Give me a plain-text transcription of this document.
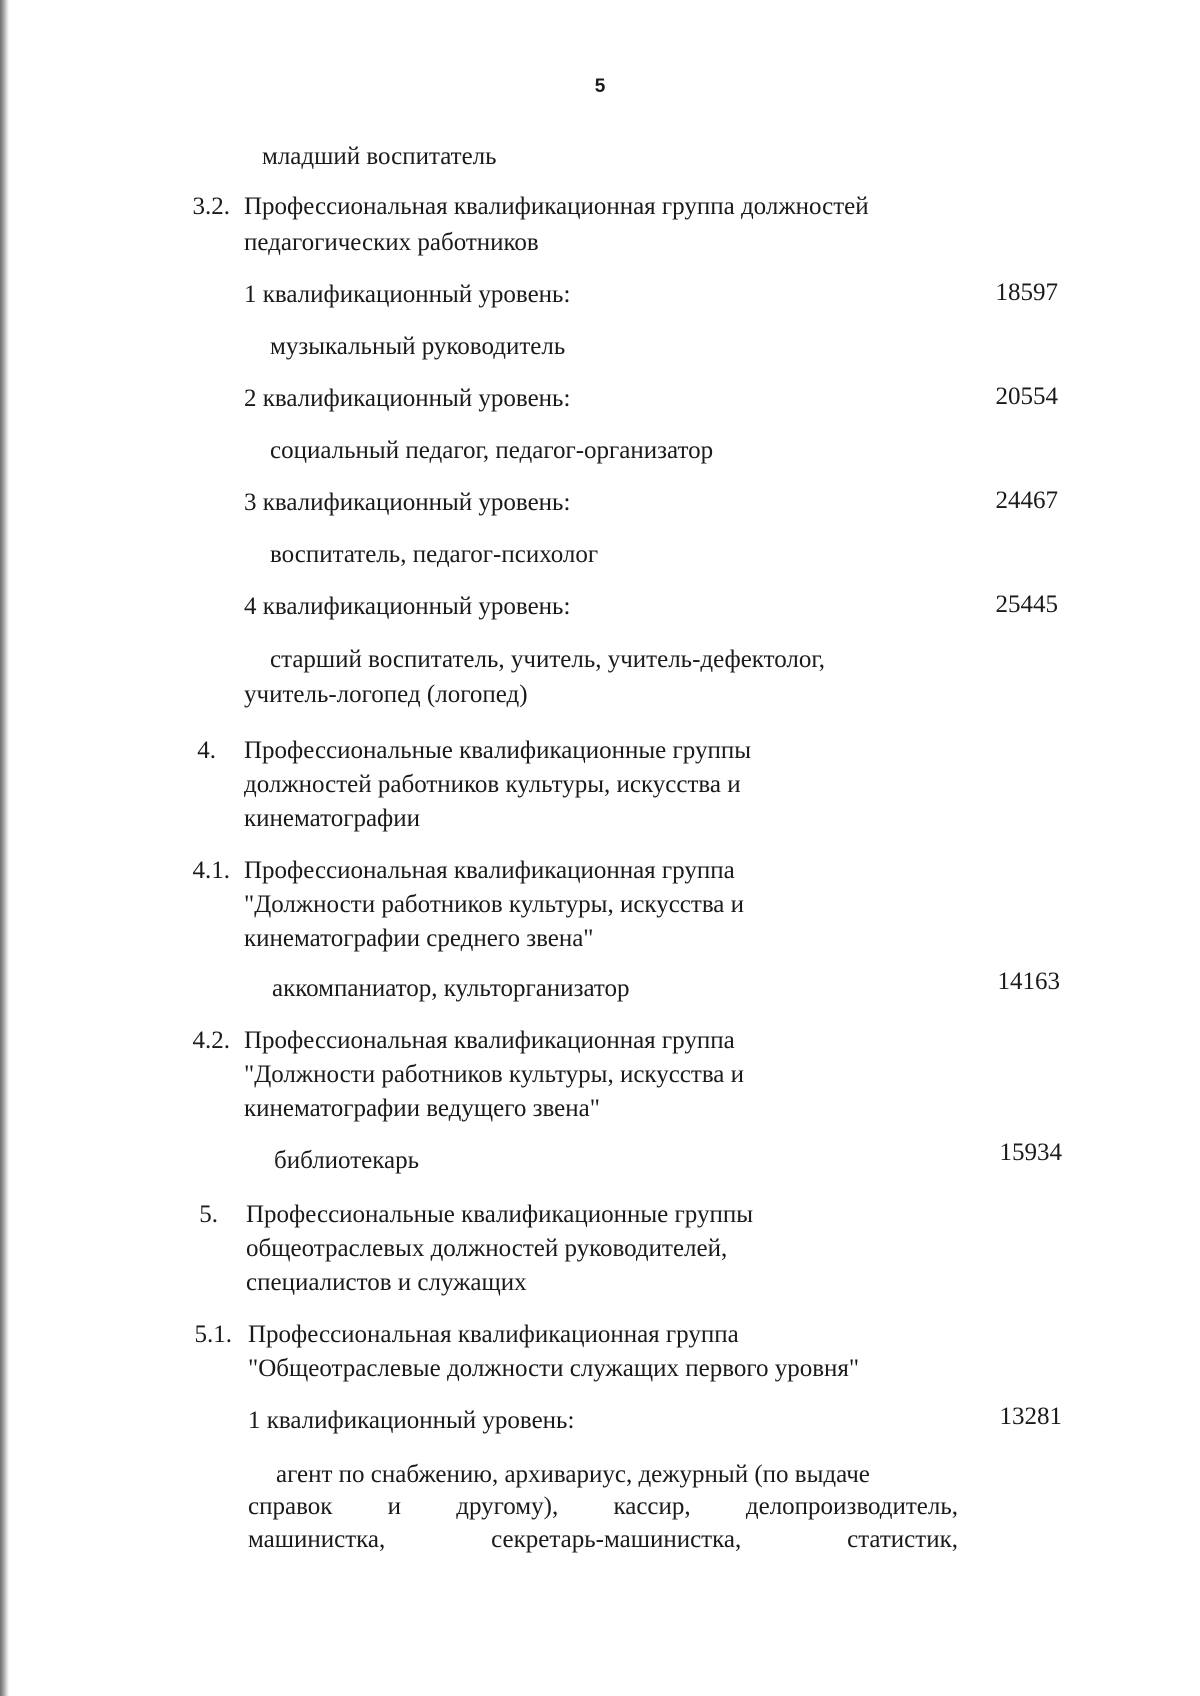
5
младший воспитатель
3.2. Профессиональная квалификационная группа должностей
педагогических работников
1 квалификационный уровень:	18597
музыкальный руководитель
2 квалификационный уровень:	20554
социальный педагог, педагог-организатор
3 квалификационный уровень:	24467
воспитатель, педагог-психолог
4 квалификационный уровень:	25445
старший воспитатель, учитель, учитель-дефектолог,
учитель-логопед (логопед)
4. Профессиональные квалификационные группы
должностей работников культуры, искусства и
кинематографии
4.1. Профессиональная квалификационная группа
"Должности работников культуры, искусства и
кинематографии среднего звена"
аккомпаниатор, культорганизатор	14163
4.2. Профессиональная квалификационная группа
"Должности работников культуры, искусства и
кинематографии ведущего звена"
библиотекарь	15934
5. Профессиональные квалификационные группы
общеотраслевых должностей руководителей,
специалистов и служащих
5.1. Профессиональная квалификационная группа
"Общеотраслевые должности служащих первого уровня"
1 квалификационный уровень:	13281
агент по снабжению, архивариус, дежурный (по выдаче
справок и другому), кассир, делопроизводитель,
машинистка,	секретарь-машинистка,	статистик,
